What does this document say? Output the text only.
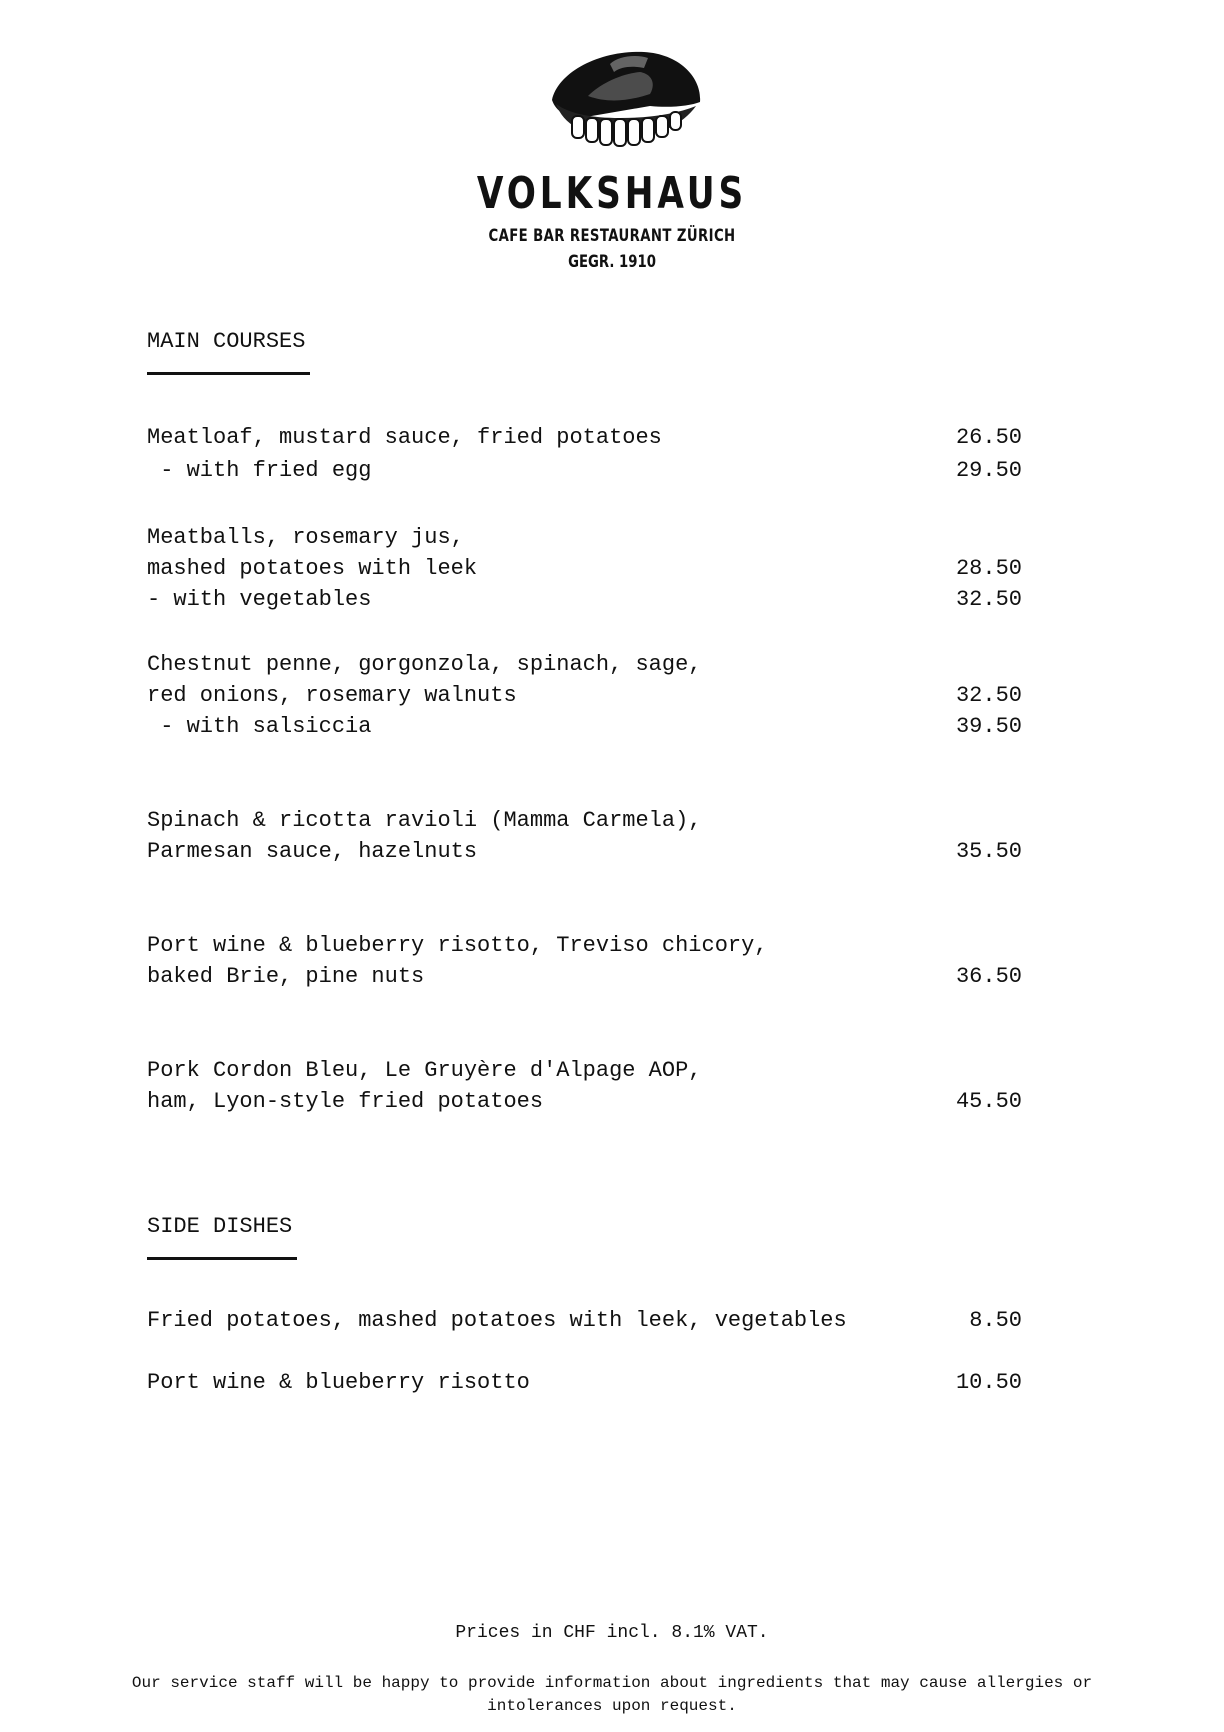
VOLKSHAUS
CAFE BAR RESTAURANT ZÜRICH
GEGR. 1910
MAIN COURSES
Meatloaf, mustard sauce, fried potatoes	26.50
- with fried egg	29.50
Meatballs, rosemary jus,
mashed potatoes with leek	28.50
- with vegetables	32.50
Chestnut penne, gorgonzola, spinach, sage,
red onions, rosemary walnuts	32.50
- with salsiccia	39.50
Spinach & ricotta ravioli (Mamma Carmela),
Parmesan sauce, hazelnuts	35.50
Port wine & blueberry risotto, Treviso chicory,
baked Brie, pine nuts	36.50
Pork Cordon Bleu, Le Gruyère d'Alpage AOP,
ham, Lyon-style fried potatoes	45.50
SIDE DISHES
Fried potatoes, mashed potatoes with leek, vegetables	8.50
Port wine & blueberry risotto	10.50
Prices in CHF incl. 8.1% VAT.
Our service staff will be happy to provide information about ingredients that may cause allergies or intolerances upon request.
